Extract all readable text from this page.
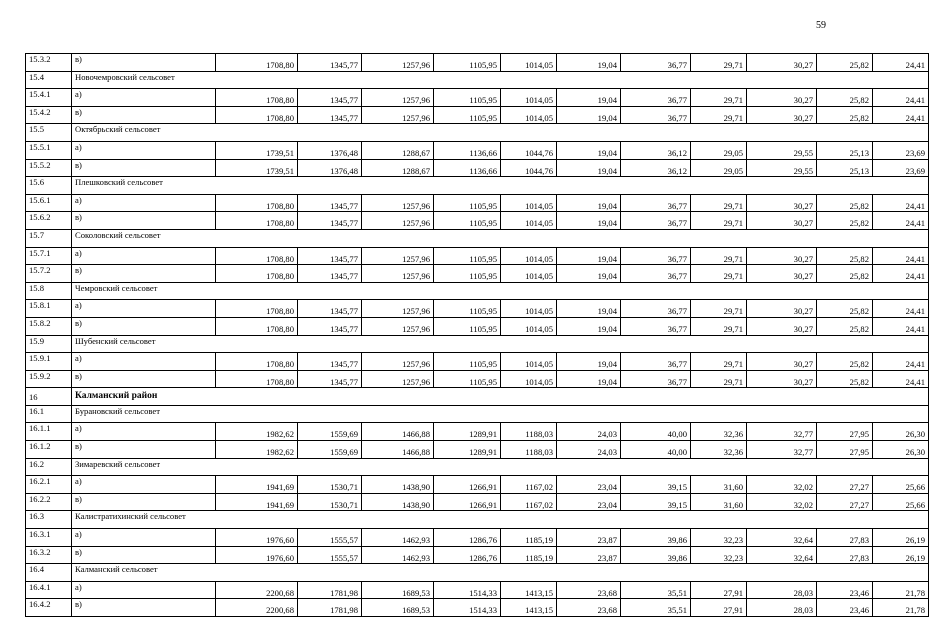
59
15.3.2	в)	1708,80	1345,77	1257,96	1105,95	1014,05	19,04	36,77	29,71	30,27	25,82	24,41
15.4	Новочемровский сельсовет											
15.4.1	а)	1708,80	1345,77	1257,96	1105,95	1014,05	19,04	36,77	29,71	30,27	25,82	24,41
15.4.2	в)	1708,80	1345,77	1257,96	1105,95	1014,05	19,04	36,77	29,71	30,27	25,82	24,41
15.5	Октябрьский сельсовет											
15.5.1	а)	1739,51	1376,48	1288,67	1136,66	1044,76	19,04	36,12	29,05	29,55	25,13	23,69
15.5.2	в)	1739,51	1376,48	1288,67	1136,66	1044,76	19,04	36,12	29,05	29,55	25,13	23,69
15.6	Плешковский сельсовет											
15.6.1	а)	1708,80	1345,77	1257,96	1105,95	1014,05	19,04	36,77	29,71	30,27	25,82	24,41
15.6.2	в)	1708,80	1345,77	1257,96	1105,95	1014,05	19,04	36,77	29,71	30,27	25,82	24,41
15.7	Соколовский сельсовет											
15.7.1	а)	1708,80	1345,77	1257,96	1105,95	1014,05	19,04	36,77	29,71	30,27	25,82	24,41
15.7.2	в)	1708,80	1345,77	1257,96	1105,95	1014,05	19,04	36,77	29,71	30,27	25,82	24,41
15.8	Чемровский сельсовет											
15.8.1	а)	1708,80	1345,77	1257,96	1105,95	1014,05	19,04	36,77	29,71	30,27	25,82	24,41
15.8.2	в)	1708,80	1345,77	1257,96	1105,95	1014,05	19,04	36,77	29,71	30,27	25,82	24,41
15.9	Шубенский сельсовет											
15.9.1	а)	1708,80	1345,77	1257,96	1105,95	1014,05	19,04	36,77	29,71	30,27	25,82	24,41
15.9.2	в)	1708,80	1345,77	1257,96	1105,95	1014,05	19,04	36,77	29,71	30,27	25,82	24,41
16	Калманский район											
16.1	Бурановский сельсовет											
16.1.1	а)	1982,62	1559,69	1466,88	1289,91	1188,03	24,03	40,00	32,36	32,77	27,95	26,30
16.1.2	в)	1982,62	1559,69	1466,88	1289,91	1188,03	24,03	40,00	32,36	32,77	27,95	26,30
16.2	Зимаревский сельсовет											
16.2.1	а)	1941,69	1530,71	1438,90	1266,91	1167,02	23,04	39,15	31,60	32,02	27,27	25,66
16.2.2	в)	1941,69	1530,71	1438,90	1266,91	1167,02	23,04	39,15	31,60	32,02	27,27	25,66
16.3	Калистратихинский сельсовет											
16.3.1	а)	1976,60	1555,57	1462,93	1286,76	1185,19	23,87	39,86	32,23	32,64	27,83	26,19
16.3.2	в)	1976,60	1555,57	1462,93	1286,76	1185,19	23,87	39,86	32,23	32,64	27,83	26,19
16.4	Калманский сельсовет											
16.4.1	а)	2200,68	1781,98	1689,53	1514,33	1413,15	23,68	35,51	27,91	28,03	23,46	21,78
16.4.2	в)	2200,68	1781,98	1689,53	1514,33	1413,15	23,68	35,51	27,91	28,03	23,46	21,78
